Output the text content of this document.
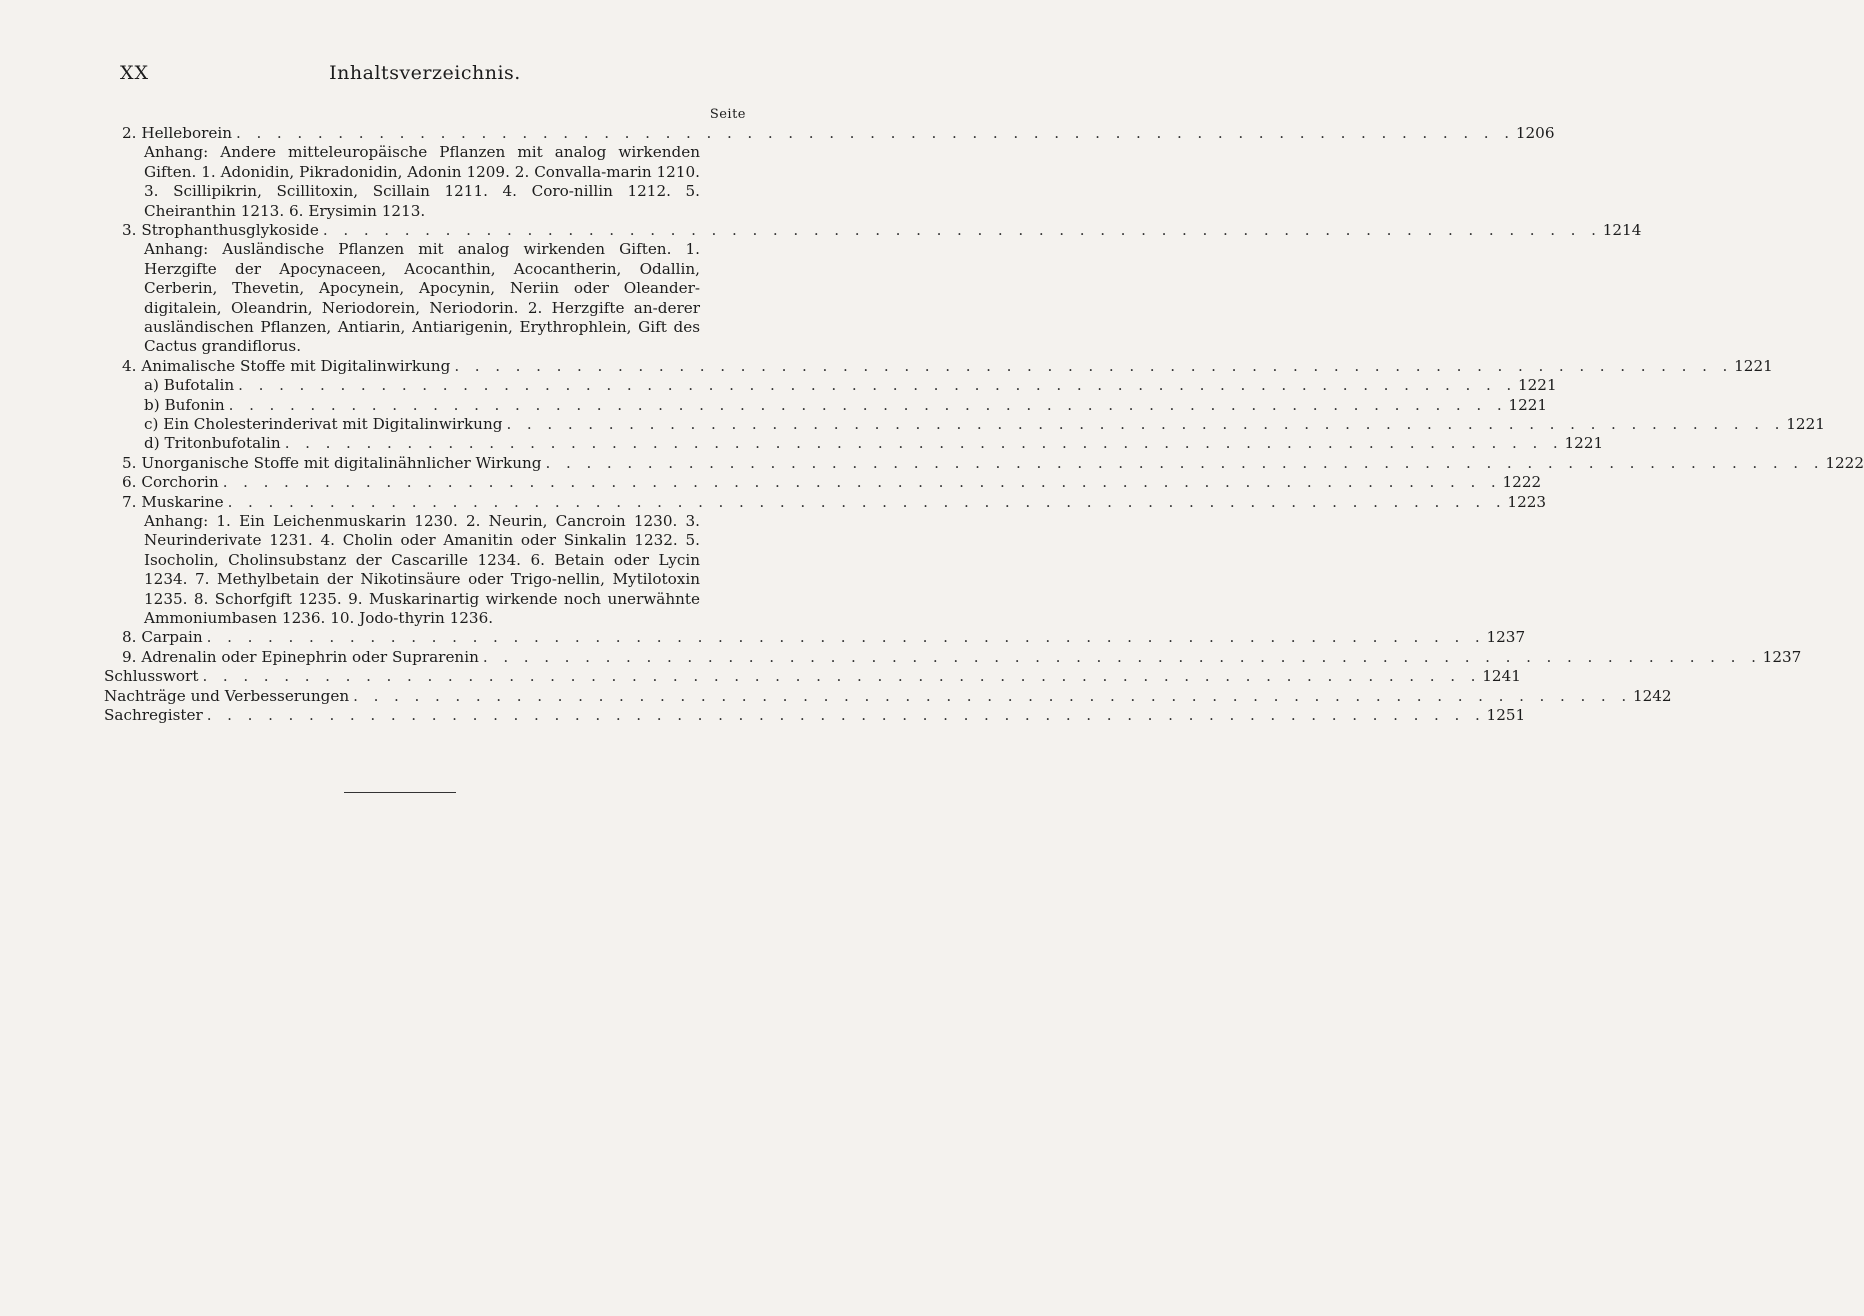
XX	Inhaltsverzeichnis.
Seite
2. Helleborein . . . . . . . . . . . . . . . . . . . . . . . . . . . . . . . . . . . . . . . . . . . . . . . . . . . . . . . . . . . . . . . 1206

Anhang: Andere mitteleuropäische Pflanzen mit analog wirkenden Giften. 1. Adonidin, Pikradonidin, Adonin 1209. 2. Convalla-marin 1210. 3. Scillipikrin, Scillitoxin, Scillain 1211. 4. Coro-nillin 1212. 5. Cheiranthin 1213. 6. Erysimin 1213.

3. Strophanthusglykoside . . . . . . . . . . . . . . . . . . . . . . . . . . . . . . . . . . . . . . . . . . . . . . . . . . . . . . . . . . . . . . . 1214

Anhang: Ausländische Pflanzen mit analog wirkenden Giften. 1. Herzgifte der Apocynaceen, Acocanthin, Acocantherin, Odallin, Cerberin, Thevetin, Apocynein, Apocynin, Neriin oder Oleander-digitalein, Oleandrin, Neriodorein, Neriodorin. 2. Herzgifte an-derer ausländischen Pflanzen, Antiarin, Antiarigenin, Erythrophlein, Gift des Cactus grandiflorus.

4. Animalische Stoffe mit Digitalinwirkung . . . . . . . . . . . . . . . . . . . . . . . . . . . . . . . . . . . . . . . . . . . . . . . . . . . . . . . . . . . . . . . 1221
a) Bufotalin . . . . . . . . . . . . . . . . . . . . . . . . . . . . . . . . . . . . . . . . . . . . . . . . . . . . . . . . . . . . . . . 1221
b) Bufonin . . . . . . . . . . . . . . . . . . . . . . . . . . . . . . . . . . . . . . . . . . . . . . . . . . . . . . . . . . . . . . . 1221
c) Ein Cholesterinderivat mit Digitalinwirkung . . . . . . . . . . . . . . . . . . . . . . . . . . . . . . . . . . . . . . . . . . . . . . . . . . . . . . . . . . . . . . . 1221
d) Tritonbufotalin . . . . . . . . . . . . . . . . . . . . . . . . . . . . . . . . . . . . . . . . . . . . . . . . . . . . . . . . . . . . . . . 1221
5. Unorganische Stoffe mit digitalinähnlicher Wirkung . . . . . . . . . . . . . . . . . . . . . . . . . . . . . . . . . . . . . . . . . . . . . . . . . . . . . . . . . . . . . . . 1222
6. Corchorin . . . . . . . . . . . . . . . . . . . . . . . . . . . . . . . . . . . . . . . . . . . . . . . . . . . . . . . . . . . . . . . 1222
7. Muskarine . . . . . . . . . . . . . . . . . . . . . . . . . . . . . . . . . . . . . . . . . . . . . . . . . . . . . . . . . . . . . . . 1223

Anhang: 1. Ein Leichenmuskarin 1230. 2. Neurin, Cancroin 1230. 3. Neurinderivate 1231. 4. Cholin oder Amanitin oder Sinkalin 1232. 5. Isocholin, Cholinsubstanz der Cascarille 1234. 6. Betain oder Lycin 1234. 7. Methylbetain der Nikotinsäure oder Trigo-nellin, Mytilotoxin 1235. 8. Schorfgift 1235. 9. Muskarinartig wirkende noch unerwähnte Ammoniumbasen 1236. 10. Jodo-thyrin 1236.

8. Carpain . . . . . . . . . . . . . . . . . . . . . . . . . . . . . . . . . . . . . . . . . . . . . . . . . . . . . . . . . . . . . . . 1237
9. Adrenalin oder Epinephrin oder Suprarenin . . . . . . . . . . . . . . . . . . . . . . . . . . . . . . . . . . . . . . . . . . . . . . . . . . . . . . . . . . . . . . . 1237
Schlusswort . . . . . . . . . . . . . . . . . . . . . . . . . . . . . . . . . . . . . . . . . . . . . . . . . . . . . . . . . . . . . . . 1241
Nachträge und Verbesserungen . . . . . . . . . . . . . . . . . . . . . . . . . . . . . . . . . . . . . . . . . . . . . . . . . . . . . . . . . . . . . . . 1242
Sachregister . . . . . . . . . . . . . . . . . . . . . . . . . . . . . . . . . . . . . . . . . . . . . . . . . . . . . . . . . . . . . . . 1251
